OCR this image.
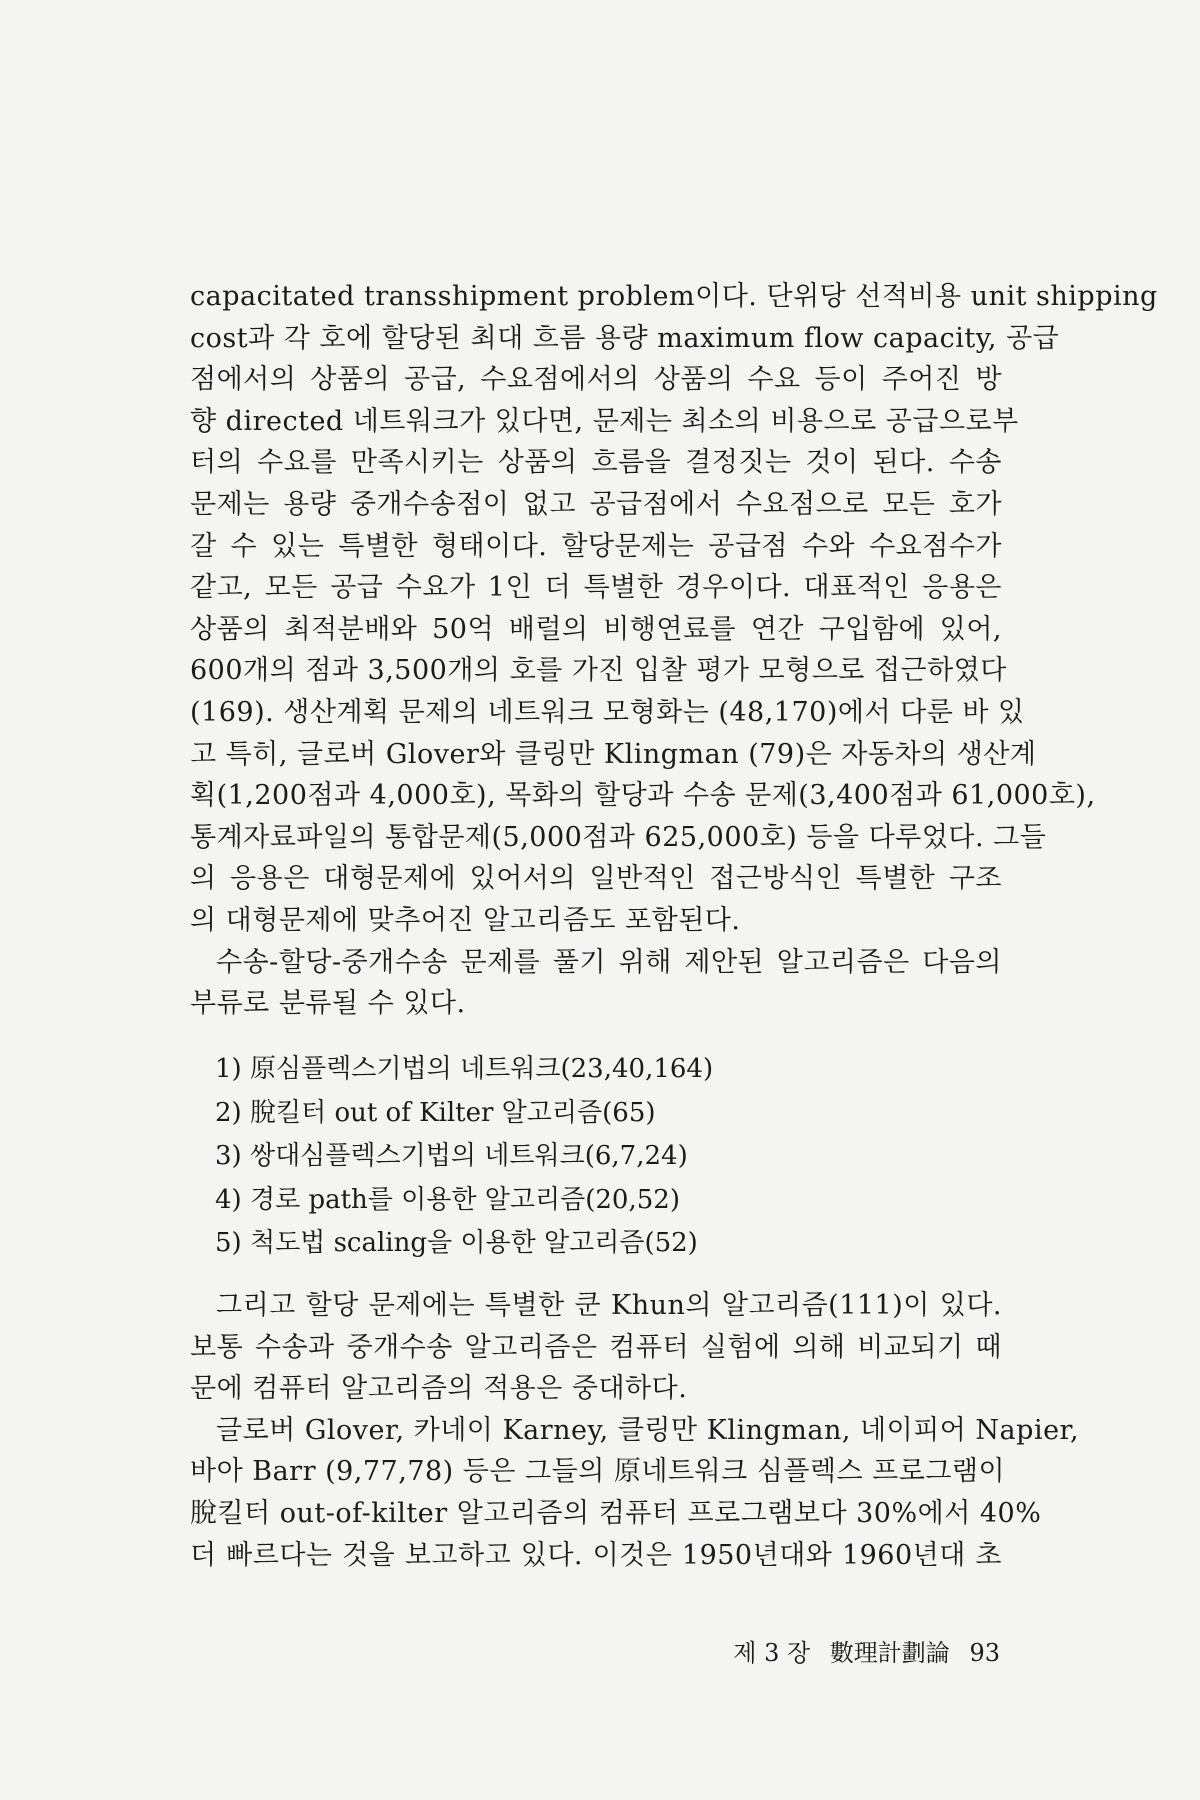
capacitated transshipment problem이다. 단위당 선적비용 unit shipping
cost과 각 호에 할당된 최대 흐름 용량 maximum flow capacity, 공급
점에서의 상품의 공급, 수요점에서의 상품의 수요 등이 주어진 방
향 directed 네트워크가 있다면, 문제는 최소의 비용으로 공급으로부
터의 수요를 만족시키는 상품의 흐름을 결정짓는 것이 된다. 수송
문제는 용량 중개수송점이 없고 공급점에서 수요점으로 모든 호가
갈 수 있는 특별한 형태이다. 할당문제는 공급점 수와 수요점수가
같고, 모든 공급 수요가 1인 더 특별한 경우이다. 대표적인 응용은
상품의 최적분배와 50억 배럴의 비행연료를 연간 구입함에 있어,
600개의 점과 3,500개의 호를 가진 입찰 평가 모형으로 접근하였다
(169). 생산계획 문제의 네트워크 모형화는 (48,170)에서 다룬 바 있
고 특히, 글로버 Glover와 클링만 Klingman (79)은 자동차의 생산계
획(1,200점과 4,000호), 목화의 할당과 수송 문제(3,400점과 61,000호),
통계자료파일의 통합문제(5,000점과 625,000호) 등을 다루었다. 그들
의 응용은 대형문제에 있어서의 일반적인 접근방식인 특별한 구조
의 대형문제에 맞추어진 알고리즘도 포함된다.
수송-할당-중개수송 문제를 풀기 위해 제안된 알고리즘은 다음의
부류로 분류될 수 있다.
1) 原심플렉스기법의 네트워크(23,40,164)
2) 脫킬터 out of Kilter 알고리즘(65)
3) 쌍대심플렉스기법의 네트워크(6,7,24)
4) 경로 path를 이용한 알고리즘(20,52)
5) 척도법 scaling을 이용한 알고리즘(52)
그리고 할당 문제에는 특별한 쿤 Khun의 알고리즘(111)이 있다.
보통 수송과 중개수송 알고리즘은 컴퓨터 실험에 의해 비교되기 때
문에 컴퓨터 알고리즘의 적용은 중대하다.
글로버 Glover, 카네이 Karney, 클링만 Klingman, 네이피어 Napier,
바아 Barr (9,77,78) 등은 그들의 原네트워크 심플렉스 프로그램이
脫킬터 out-of-kilter 알고리즘의 컴퓨터 프로그램보다 30%에서 40%
더 빠르다는 것을 보고하고 있다. 이것은 1950년대와 1960년대 초
제 3 장 數理計劃論 93
